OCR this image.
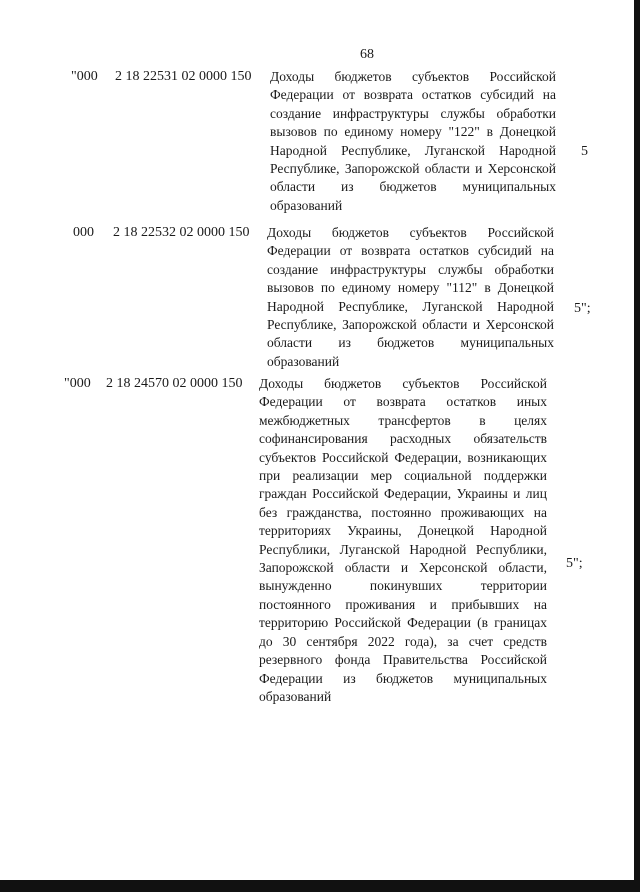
68
"000 2 18 22531 02 0000 150 Доходы бюджетов субъектов Российской Федерации от возврата остатков субсидий на создание инфраструктуры службы обработки вызовов по единому номеру "122" в Донецкой Народной Республике, Луганской Народной Республике, Запорожской области и Херсонской области из бюджетов муниципальных образований
5
000 2 18 22532 02 0000 150 Доходы бюджетов субъектов Российской Федерации от возврата остатков субсидий на создание инфраструктуры службы обработки вызовов по единому номеру "112" в Донецкой Народной Республике, Луганской Народной Республике, Запорожской области и Херсонской области из бюджетов муниципальных образований
5";
"000 2 18 24570 02 0000 150 Доходы бюджетов субъектов Российской Федерации от возврата остатков иных межбюджетных трансфертов в целях софинансирования расходных обязательств субъектов Российской Федерации, возникающих при реализации мер социальной поддержки граждан Российской Федерации, Украины и лиц без гражданства, постоянно проживающих на территориях Украины, Донецкой Народной Республики, Луганской Народной Республики, Запорожской области и Херсонской области, вынужденно покинувших территории постоянного проживания и прибывших на территорию Российской Федерации (в границах до 30 сентября 2022 года), за счет средств резервного фонда Правительства Российской Федерации из бюджетов муниципальных образований
5";
